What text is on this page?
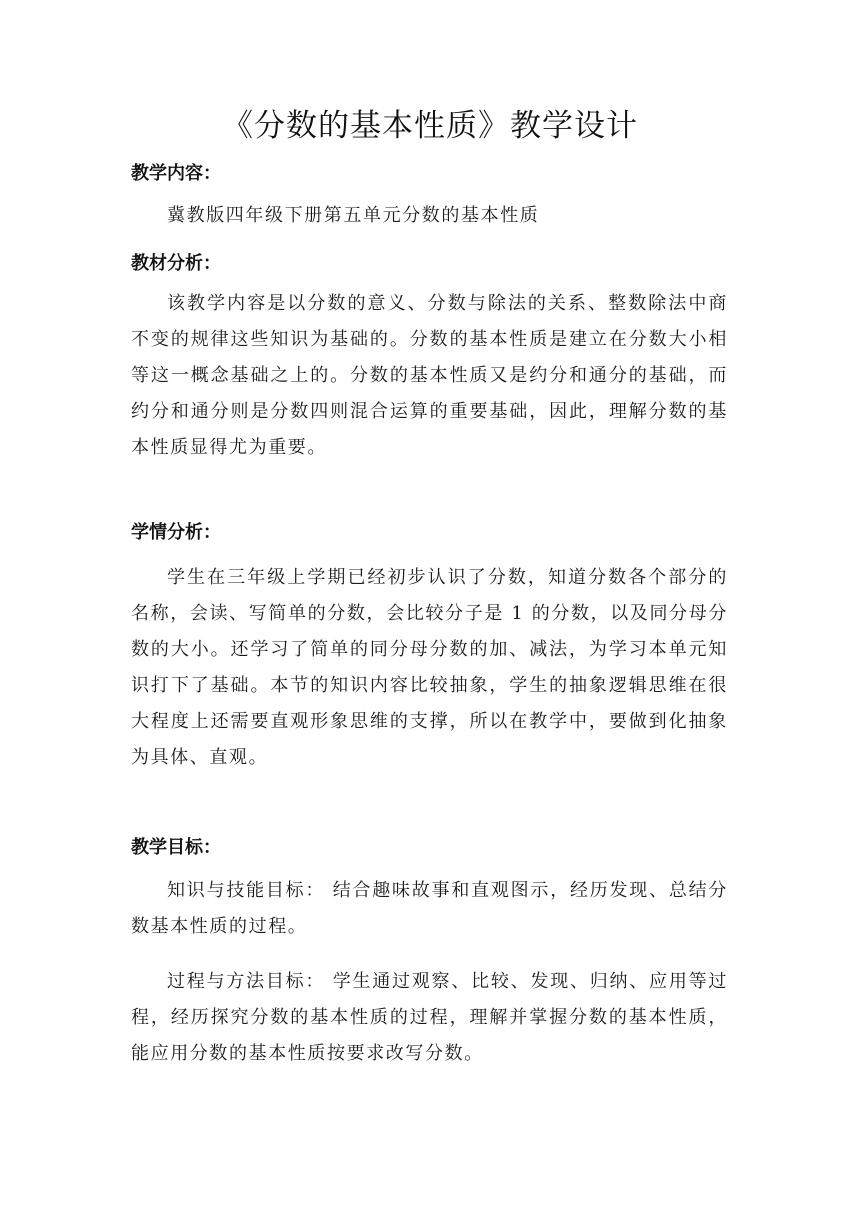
《分数的基本性质》教学设计
教学内容：
冀教版四年级下册第五单元分数的基本性质
教材分析：
该教学内容是以分数的意义、分数与除法的关系、整数除法中商不变的规律这些知识为基础的。分数的基本性质是建立在分数大小相等这一概念基础之上的。分数的基本性质又是约分和通分的基础，而约分和通分则是分数四则混合运算的重要基础，因此，理解分数的基本性质显得尤为重要。
学情分析：
学生在三年级上学期已经初步认识了分数，知道分数各个部分的名称，会读、写简单的分数，会比较分子是 1 的分数，以及同分母分数的大小。还学习了简单的同分母分数的加、减法，为学习本单元知识打下了基础。本节的知识内容比较抽象，学生的抽象逻辑思维在很大程度上还需要直观形象思维的支撑，所以在教学中，要做到化抽象为具体、直观。
教学目标：
知识与技能目标： 结合趣味故事和直观图示，经历发现、总结分数基本性质的过程。
过程与方法目标： 学生通过观察、比较、发现、归纳、应用等过程，经历探究分数的基本性质的过程，理解并掌握分数的基本性质，能应用分数的基本性质按要求改写分数。
